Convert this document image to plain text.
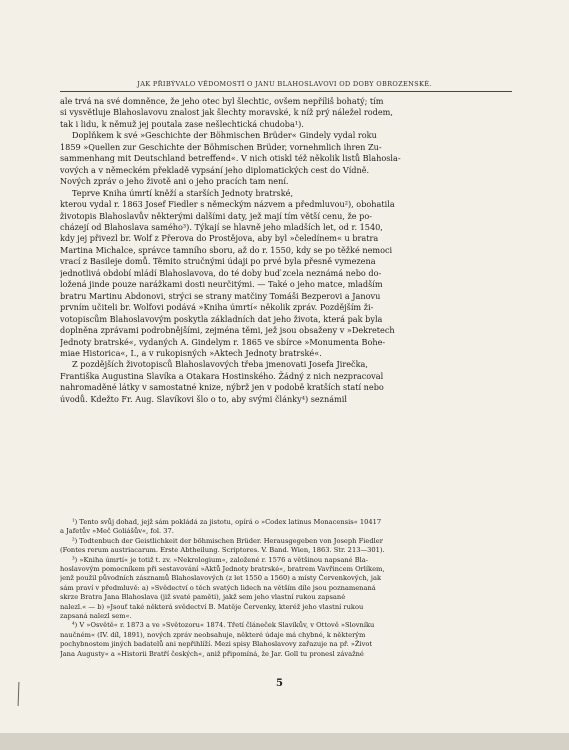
JAK PŘIBÝVALO VĚDOMOSTÍ O JANU BLAHOSLAVOVI OD DOBY OBROZENSKÉ.
ale trvá na své domněnce, že jeho otec byl šlechtic, ovšem nepříliš bohatý; tím
si vysvětluje Blahoslavovu znalost jak šlechty moravské, k níž prý náležel rodem,
tak i lidu, k němuž jej poutala zase nešlechtická chudoba¹).
Doplňkem k své »Geschichte der Böhmischen Brüder« Gindely vydal roku
1859 »Quellen zur Geschichte der Böhmischen Brüder, vornehmlich ihren Zu-
sammenhang mit Deutschland betreffend«. V nich otiskl též několik listů Blahosla-
vových a v německém překladě vypsání jeho diplomatických cest do Vídně.
Nových zpráv o jeho životě ani o jeho pracích tam není.
Teprve Kniha úmrtí kněží a starších Jednoty bratrské,
kterou vydal r. 1863 Josef Fiedler s německým názvem a předmluvou²), obohatila
životopis Blahoslavův některými dalšími daty, jež mají tím větší cenu, že po-
cházejí od Blahoslava samého³). Týkají se hlavně jeho mladších let, od r. 1540,
kdy jej přivezl br. Wolf z Přerova do Prostějova, aby byl »čeledínem« u bratra
Martina Michalce, správce tamního sboru, až do r. 1550, kdy se po těžké nemoci
vrací z Basileje domů. Těmito stručnými údaji po prvé byla přesně vymezena
jednotlivá období mládí Blahoslavova, do té doby buď zcela neznámá nebo do-
ložená jinde pouze narážkami dosti neurčitými. — Také o jeho matce, mladším
bratru Martinu Abdonovi, strýci se strany matčiny Tomáši Bezperovi a Janovu
prvním učiteli br. Wolfovi podává »Kniha úmrtí« několik zpráv. Pozdějším ži-
votopiscům Blahoslavovým poskytla základních dat jeho života, která pak byla
doplněna zprávami podrobnějšími, zejména těmi, jež jsou obsaženy v »Dekretech
Jednoty bratrské«, vydaných A. Gindelym r. 1865 ve sbírce »Monumenta Bohe-
miae Historica«, I., a v rukopisných »Aktech Jednoty bratrské«.
Z pozdějších životopisců Blahoslavových třeba jmenovati Josefa Jirečka,
Františka Augustina Slavíka a Otakara Hostinského. Žádný z nich nezpracoval
nahromaděné látky v samostatné knize, nýbrž jen v podobě kratších statí nebo
úvodů. Kdežto Fr. Aug. Slavíkovi šlo o to, aby svými články⁴) seznámil
¹) Tento svůj dohad, jejž sám pokládá za jistotu, opírá o »Codex latinus Monacensis« 10417
a Jafetův »Meč Goliášův«, fol. 37.
²) Todtenbuch der Geistlichkeit der böhmischen Brüder. Herausgegeben von Joseph Fiedler
(Fontes rerum austriacarum. Erste Abtheilung. Scriptores. V. Band. Wien, 1863. Str. 213—301).
³) »Kniha úmrtí« je totiž t. zv. »Nekrologium«, založené r. 1576 a většinou napsané Bla-
hoslavovým pomocníkem při sestavování »Aktů Jednoty bratrské«, bratrem Vavřincem Orlíkem,
jenž použil původních zásznamů Blahoslavových (z let 1550 a 1560) a místy Červenkových, jak
sám praví v předmluvě: a) »Svědectví o těch svatých lidech na větším díle jsou poznamenaná
skrze Bratra Jana Blahoslava (již svaté paměti), jakž sem jeho vlastní rukou zapsané
nalezl.« — b) »Jsouť také některá svědectví B. Matěje Červenky, kteréž jeho vlastní rukou
zapsaná nalezl sem«.
⁴) V »Osvětě« r. 1873 a ve »Světozoru« 1874. Třetí článeček Slavíkův, v Ottově »Slovníku
naučném« (IV. díl, 1891), nových zpráv neobsahuje, některé údaje má chybné, k některým
pochybnostem jiných badatelů ani nepřihlíží. Mezi spisy Blahoslavovy zařazuje na př. »Život
Jana Augusty« a »Historii Bratří českých«, aniž připomíná, že Jar. Goll tu pronesl závažné
5
